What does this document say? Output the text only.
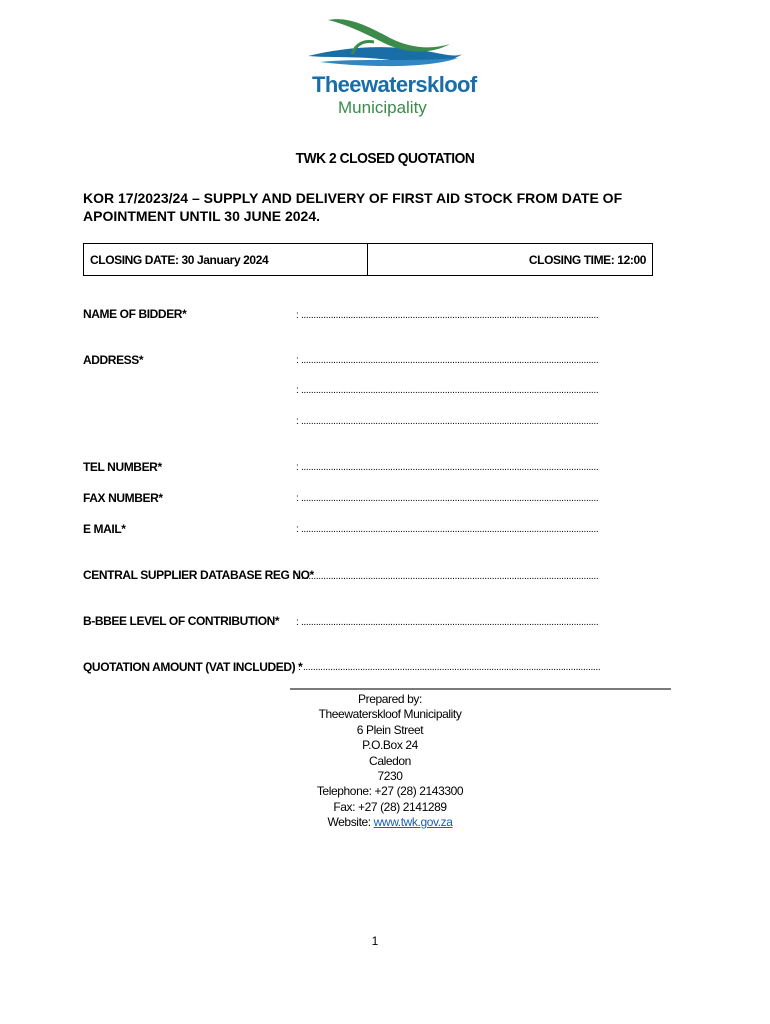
Theewaterskloof
Municipality
TWK 2 CLOSED QUOTATION
KOR 17/2023/24 – SUPPLY AND DELIVERY OF FIRST AID STOCK FROM DATE OF APOINTMENT UNTIL 30 JUNE 2024.
CLOSING DATE: 30 January 2024	CLOSING TIME: 12:00
NAME OF BIDDER*	: ........................................................................................................................
ADDRESS*	: ........................................................................................................................
: ........................................................................................................................
: ........................................................................................................................
TEL NUMBER*	: ........................................................................................................................
FAX NUMBER*	: ........................................................................................................................
E MAIL*	: ........................................................................................................................
CENTRAL SUPPLIER DATABASE REG NO*
: ........................................................................................................................
B-BBEE LEVEL OF CONTRIBUTION* : ........................................................................................................................
QUOTATION AMOUNT (VAT INCLUDED) *
: ........................................................................................................................
Prepared by:
Theewaterskloof Municipality
6 Plein Street
P.O.Box 24
Caledon
7230
Telephone: +27 (28) 2143300
Fax: +27 (28) 2141289
Website: www.twk.gov.za
1
